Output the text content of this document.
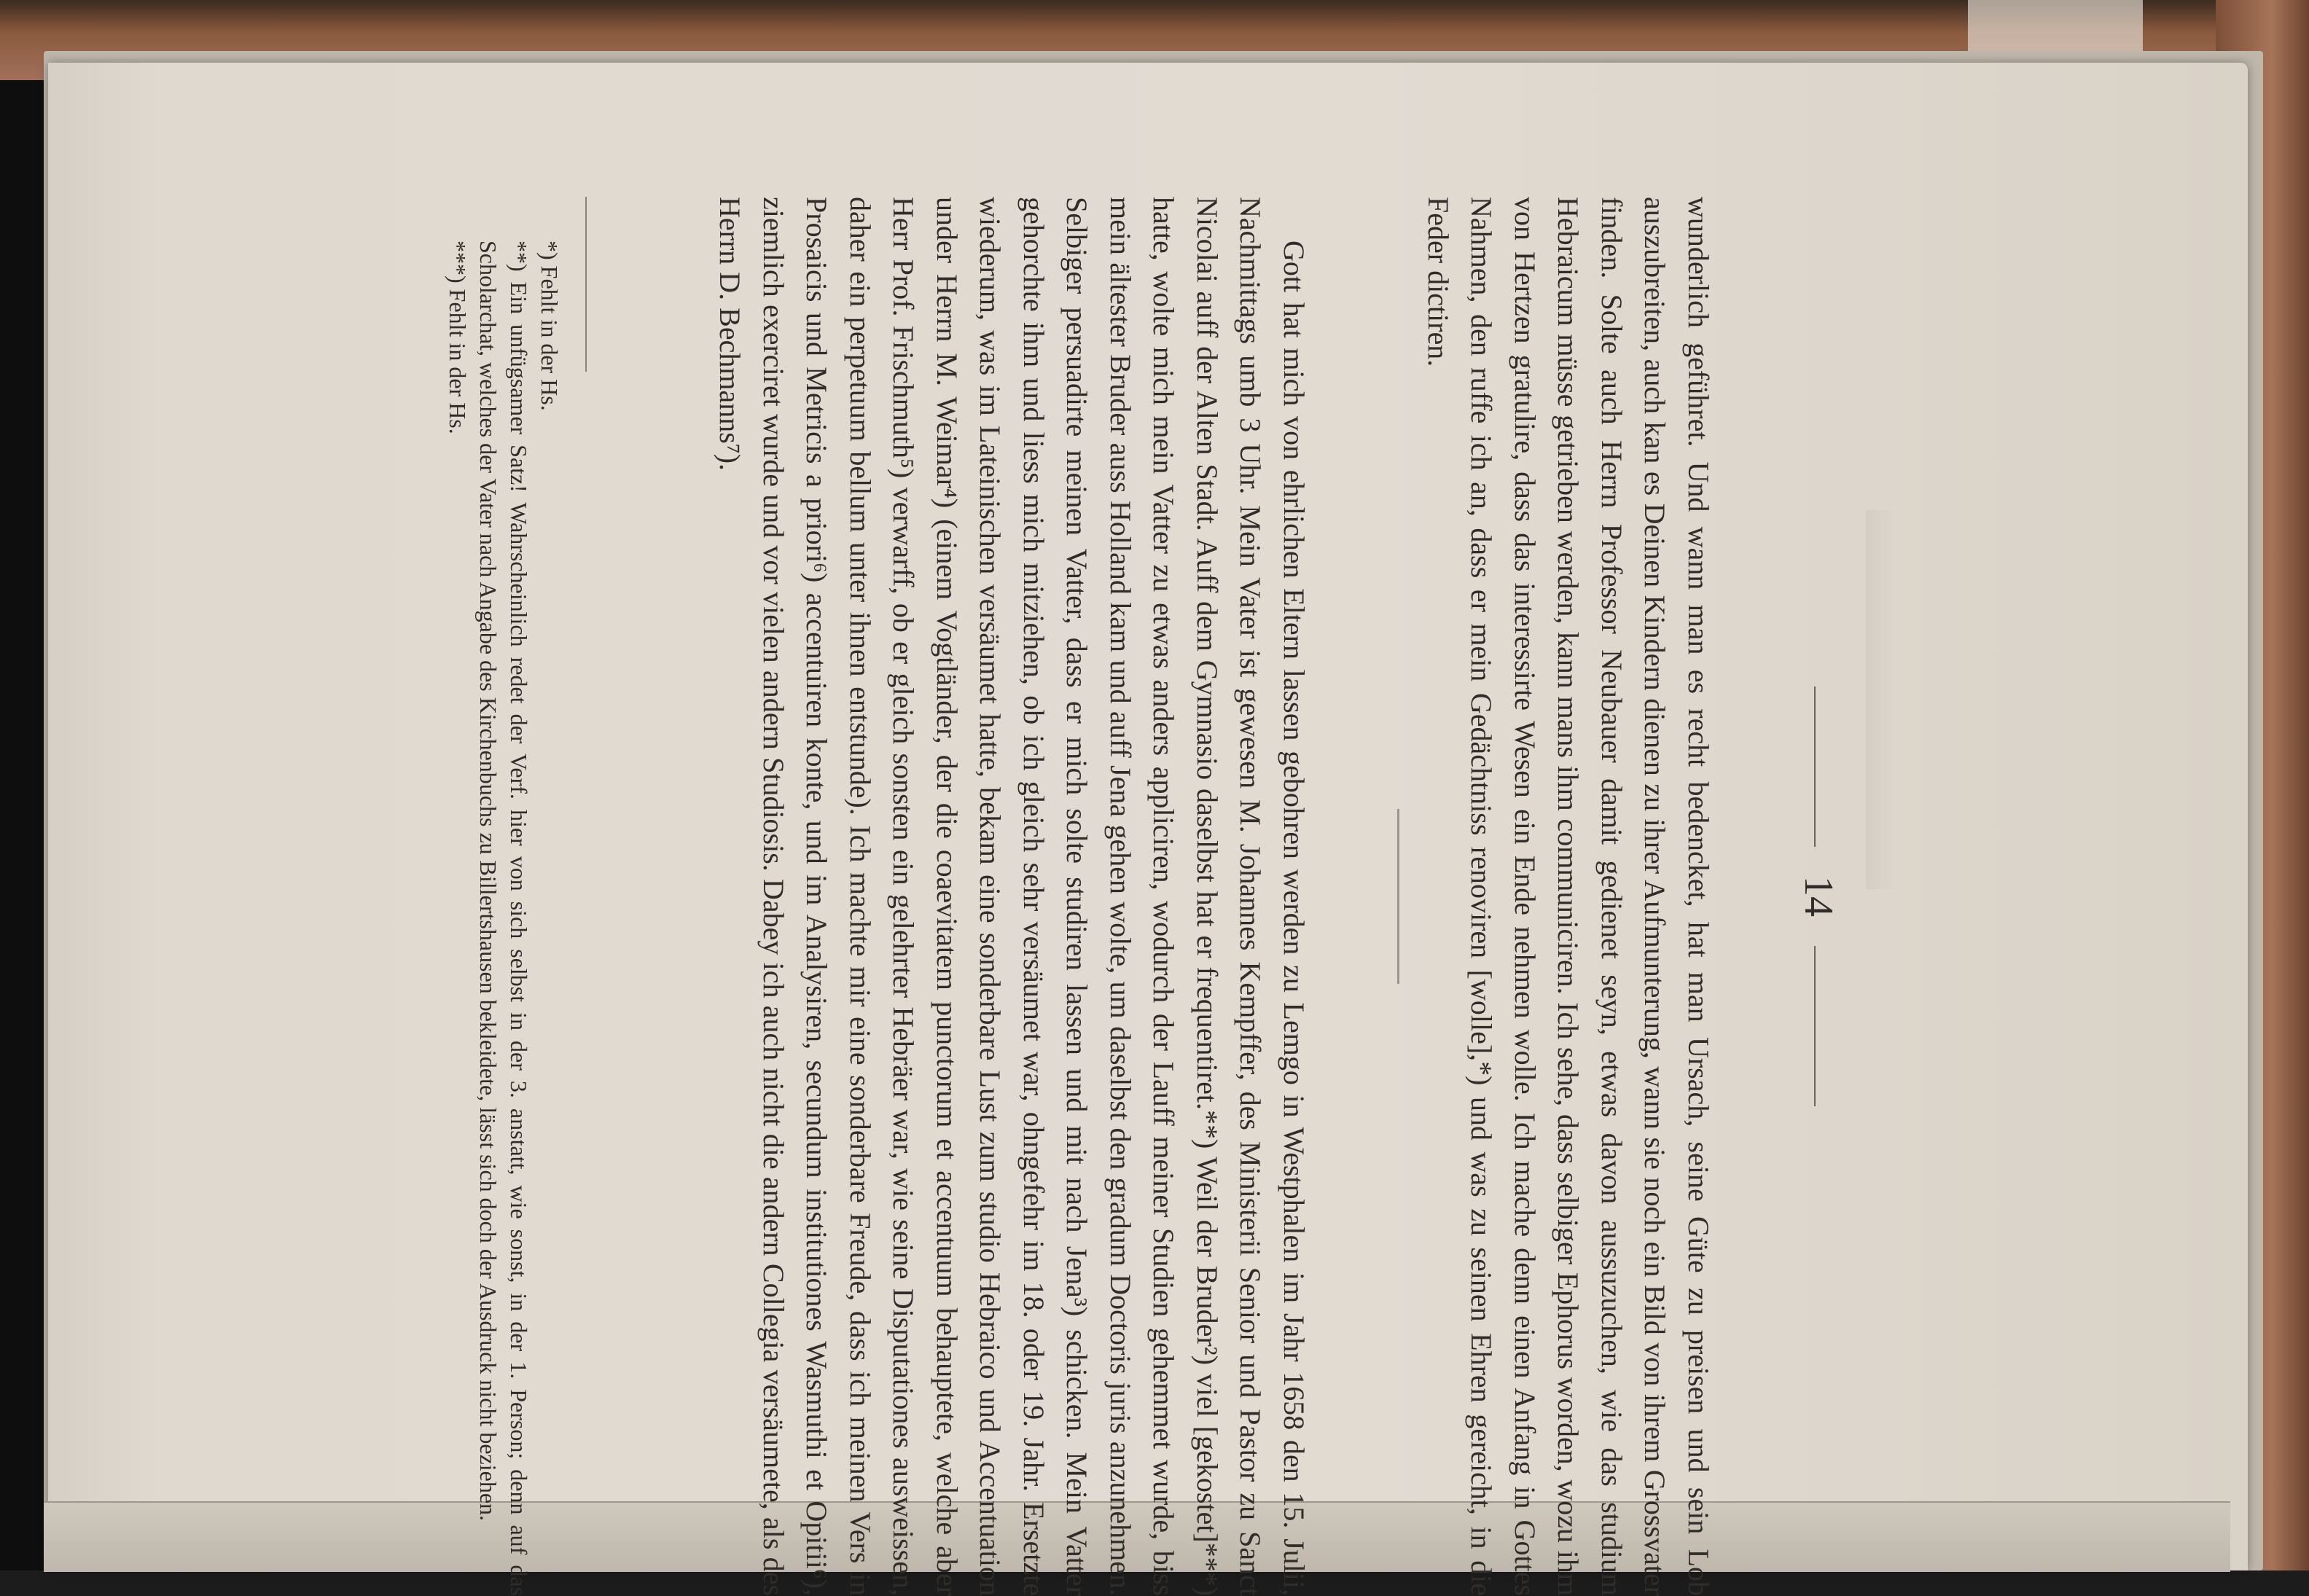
14

wunderlich geführet. Und wann man es recht bedencket, hat man Ursach, seine Güte zu preisen und sein Lob auszubreiten, auch kan es Deinen Kindern dienen zu ihrer Aufmunterung, wann sie noch ein Bild von ihrem Grossvater finden. Solte auch Herrn Professor Neubauer damit gedienet seyn, etwas davon aussuzuchen, wie das studium Hebraicum müsse getrieben werden, kann mans ihm communiciren. Ich sehe, dass selbiger Ephorus worden, wozu ihm von Hertzen gratulire, dass das interessirte Wesen ein Ende nehmen wolle. Ich mache denn einen Anfang in Gottes Nahmen, den ruffe ich an, dass er mein Gedächtniss renoviren [wolle],*) und was zu seinen Ehren gereicht, in die Feder dictiren.

Gott hat mich von ehrlichen Eltern lassen gebohren werden zu Lemgo in Westphalen im Jahr 1658 den 15. Julii, Nachmittags umb 3 Uhr. Mein Vater ist gewesen M. Johannes Kempffer, des Ministerii Senior und Pastor zu Sanct Nicolai auff der Alten Stadt. Auff dem Gymnasio daselbst hat er frequentiret.**) Weil der Bruder²) viel [gekostet]***) hatte, wolte mich mein Vatter zu etwas anders appliciren, wodurch der Lauff meiner Studien gehemmet wurde, biss mein ältester Bruder auss Holland kam und auff Jena gehen wolte, um daselbst den gradum Doctoris juris anzunehmen. Selbiger persuadirte meinen Vatter, dass er mich solte studiren lassen und mit nach Jena³) schicken. Mein Vatter gehorchte ihm und liess mich mitziehen, ob ich gleich sehr versäumet war, ohngefehr im 18. oder 19. Jahr. Ersetzte wiederum, was im Lateinischen versäumet hatte, bekam eine sonderbare Lust zum studio Hebraico und Accentuation under Herrn M. Weimar⁴) (einem Vogtländer, der die coaevitatem punctorum et accentuum behauptete, welche aber Herr Prof. Frischmuth⁵) verwarff, ob er gleich sonsten ein gelehrter Hebräer war, wie seine Disputationes ausweissen, daher ein perpetuum bellum unter ihnen entstunde). Ich machte mir eine sonderbare Freude, dass ich meinen Vers in Prosaicis und Metricis a priori⁶) accentuiren konte, und im Analysiren, secundum institutiones Wasmuthi et Opitii⁶), ziemlich exerciret wurde und vor vielen andern Studiosis. Dabey ich auch nicht die andern Collegia versäumete, als des Herrn D. Bechmanns⁷).

*) Fehlt in der Hs.

**) Ein unfügsamer Satz! Wahrscheinlich redet der Verf. hier von sich selbst in der 3. anstatt, wie sonst, in der 1. Person; denn auf das Scholarchat, welches der Vater nach Angabe des Kirchenbuchs zu Billertshausen bekleidete, lässt sich doch der Ausdruck nicht beziehen.

***) Fehlt in der Hs.
